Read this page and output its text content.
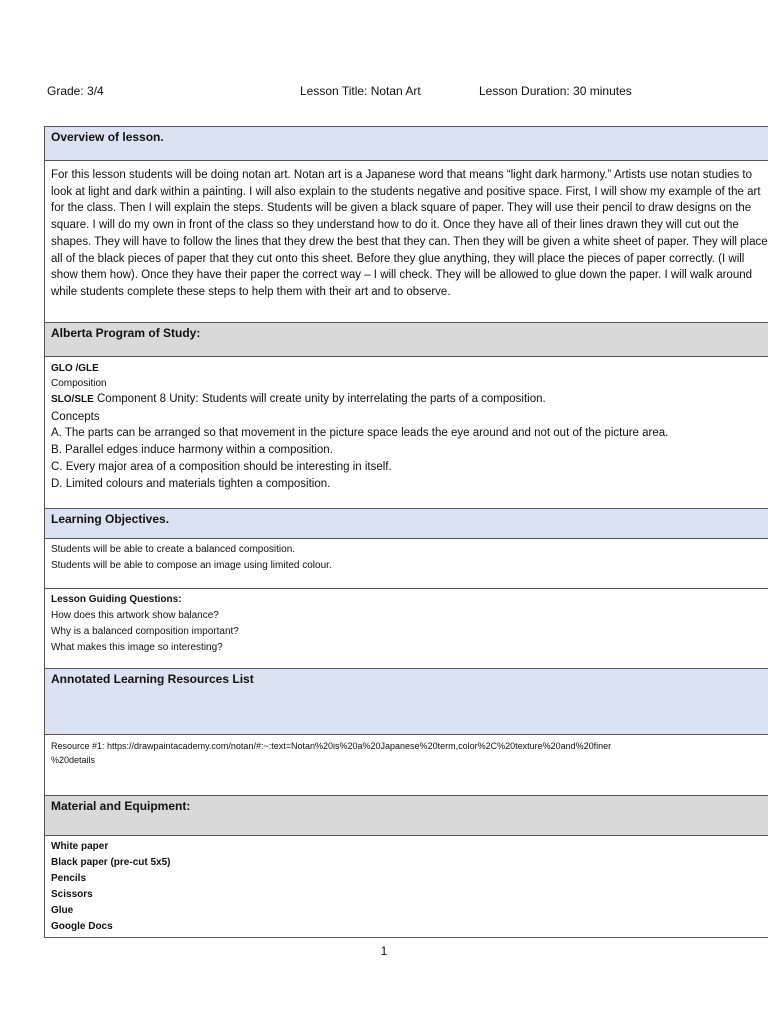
Grade: 3/4	Lesson Title: Notan Art	Lesson Duration: 30 minutes
Overview of lesson.
For this lesson students will be doing notan art. Notan art is a Japanese word that means “light dark harmony.” Artists use notan studies to look at light and dark within a painting. I will also explain to the students negative and positive space. First, I will show my example of the art for the class. Then I will explain the steps. Students will be given a black square of paper. They will use their pencil to draw designs on the square. I will do my own in front of the class so they understand how to do it. Once they have all of their lines drawn they will cut out the shapes. They will have to follow the lines that they drew the best that they can. Then they will be given a white sheet of paper. They will place all of the black pieces of paper that they cut onto this sheet. Before they glue anything, they will place the pieces of paper correctly. (I will show them how). Once they have their paper the correct way – I will check. They will be allowed to glue down the paper. I will walk around while students complete these steps to help them with their art and to observe.
Alberta Program of Study:

GLO /GLE
Composition
SLO/SLE Component 8 Unity: Students will create unity by interrelating the parts of a composition.
Concepts
A. The parts can be arranged so that movement in the picture space leads the eye around and not out of the picture area.
B. Parallel edges induce harmony within a composition.
C. Every major area of a composition should be interesting in itself.
D. Limited colours and materials tighten a composition.

Learning Objectives.

Students will be able to create a balanced composition.
Students will be able to compose an image using limited colour.

Lesson Guiding Questions:
How does this artwork show balance?
Why is a balanced composition important?
What makes this image so interesting?

Annotated Learning Resources List

Resource #1: https://drawpaintacademy.com/notan/#:~:text=Notan%20is%20a%20Japanese%20term,color%2C%20texture%20and%20finer
%20details

Material and Equipment:

White paper
Black paper (pre-cut 5x5)
Pencils
Scissors
Glue
Google Docs
1
